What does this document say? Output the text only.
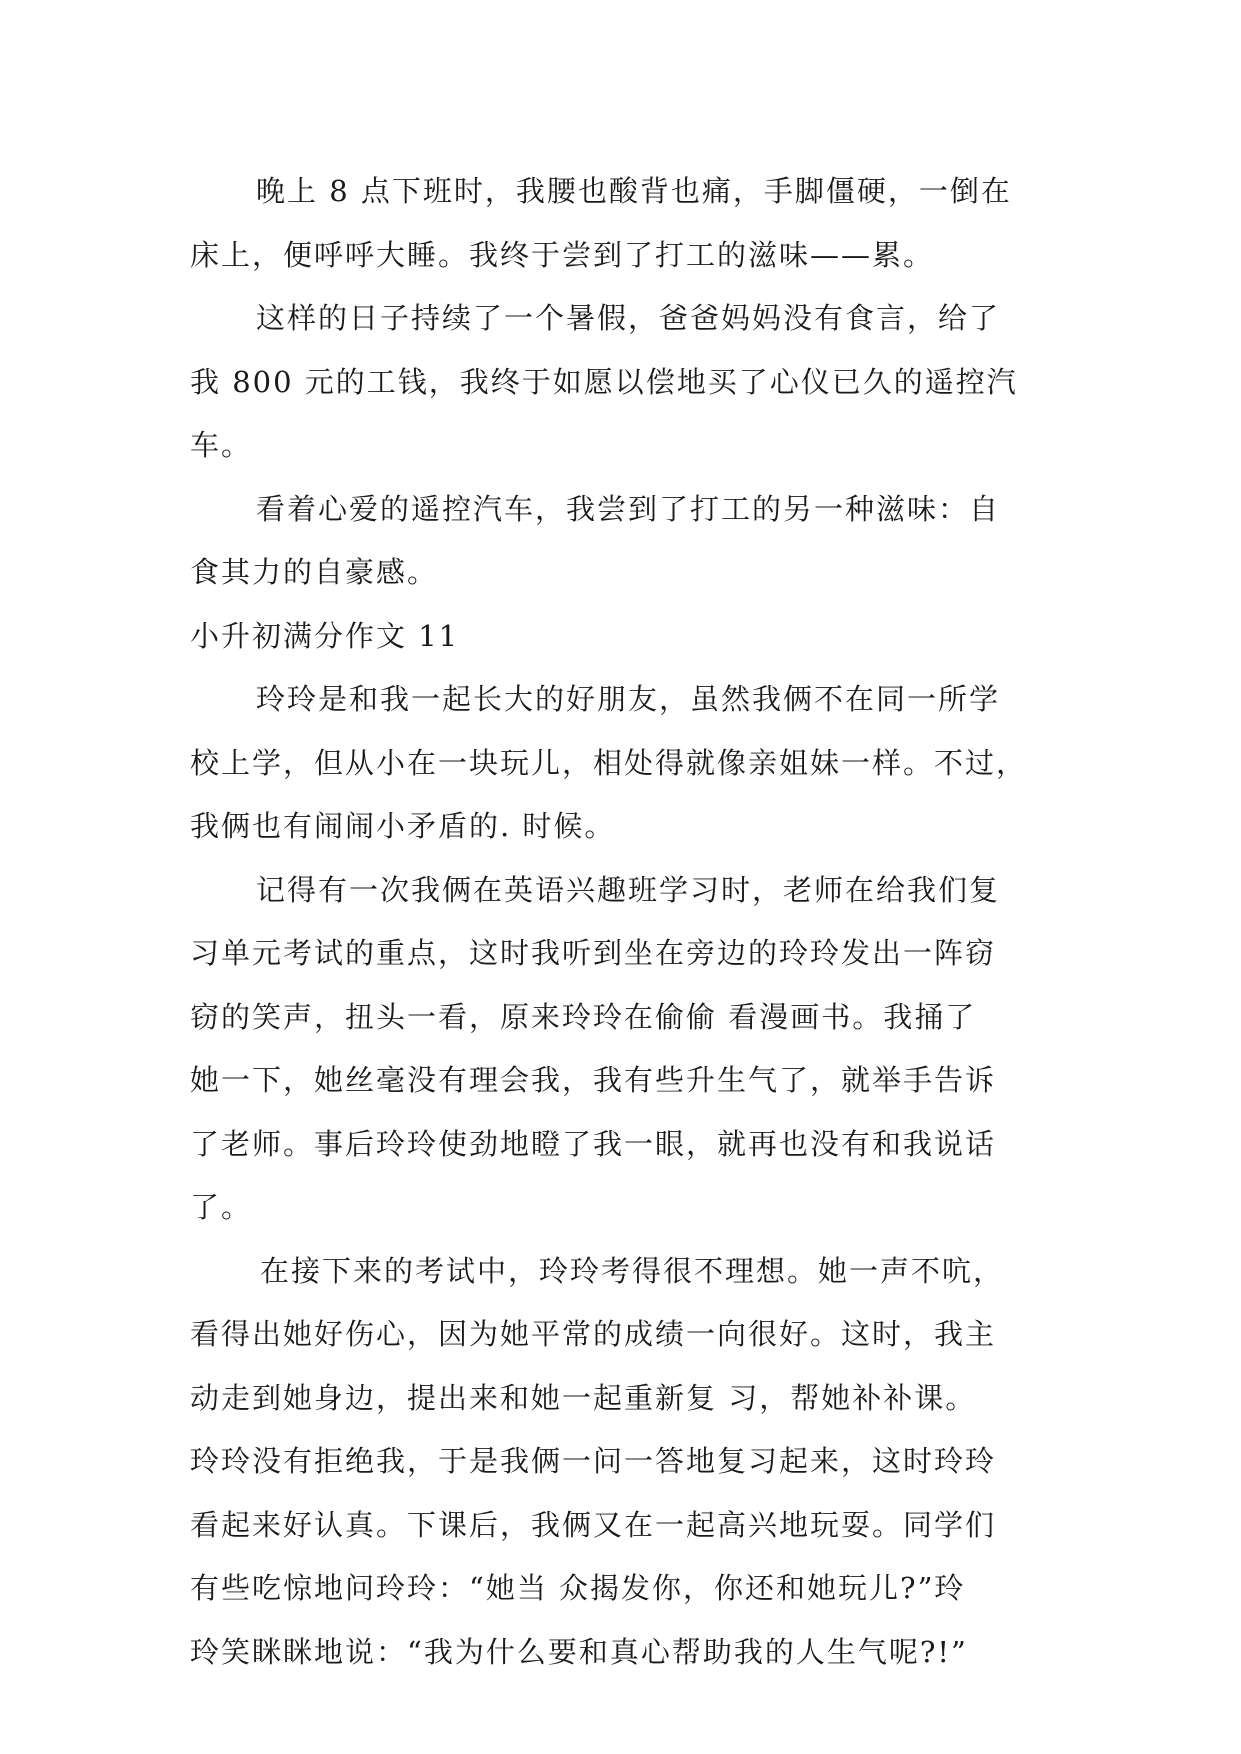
晚上 8 点下班时，我腰也酸背也痛，手脚僵硬，一倒在
床上，便呼呼大睡。我终于尝到了打工的滋味——累。
这样的日子持续了一个暑假，爸爸妈妈没有食言，给了
我 800 元的工钱，我终于如愿以偿地买了心仪已久的遥控汽
车。
看着心爱的遥控汽车，我尝到了打工的另一种滋味：自
食其力的自豪感。
小升初满分作文 11
玲玲是和我一起长大的好朋友，虽然我俩不在同一所学
校上学，但从小在一块玩儿，相处得就像亲姐妹一样。不过，
我俩也有闹闹小矛盾的. 时候。
记得有一次我俩在英语兴趣班学习时，老师在给我们复
习单元考试的重点，这时我听到坐在旁边的玲玲发出一阵窃
窃的笑声，扭头一看，原来玲玲在偷偷 看漫画书。我捅了
她一下，她丝毫没有理会我，我有些升生气了，就举手告诉
了老师。事后玲玲使劲地瞪了我一眼，就再也没有和我说话
了。
在接下来的考试中，玲玲考得很不理想。她一声不吭，
看得出她好伤心，因为她平常的成绩一向很好。这时，我主
动走到她身边，提出来和她一起重新复 习，帮她补补课。
玲玲没有拒绝我，于是我俩一问一答地复习起来，这时玲玲
看起来好认真。下课后，我俩又在一起高兴地玩耍。同学们
有些吃惊地问玲玲：“她当 众揭发你，你还和她玩儿?”玲
玲笑眯眯地说：“我为什么要和真心帮助我的人生气呢?!”
